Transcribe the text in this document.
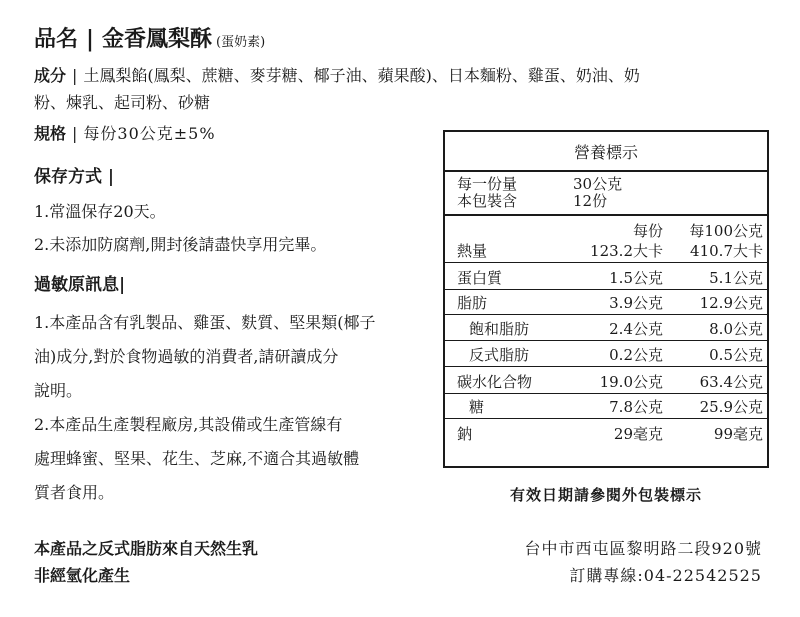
品名 | 金香鳳梨酥 (蛋奶素)
成分 | 土鳳梨餡(鳳梨、蔗糖、麥芽糖、椰子油、蘋果酸)、日本麵粉、雞蛋、奶油、奶
粉、煉乳、起司粉、砂糖
規格 | 每份30公克±5%
保存方式 |
1.常溫保存20天。
2.未添加防腐劑,開封後請盡快享用完畢。
過敏原訊息|
1.本產品含有乳製品、雞蛋、麩質、堅果類(椰子
油)成分,對於食物過敏的消費者,請研讀成分
說明。
2.本產品生產製程廠房,其設備或生產管線有
處理蜂蜜、堅果、花生、芝麻,不適合其過敏體
質者食用。
營養標示
每一份量	30公克
本包裝含	12份
每份 每100公克
熱量	123.2大卡 410.7大卡
蛋白質	1.5公克	5.1公克
脂肪	3.9公克 12.9公克
飽和脂肪	2.4公克	8.0公克
反式脂肪	0.2公克	0.5公克
碳水化合物	19.0公克 63.4公克
糖	7.8公克 25.9公克
鈉	29毫克	99毫克
有效日期請參閱外包裝標示
本產品之反式脂肪來自天然生乳
非經氫化產生
台中市西屯區黎明路二段920號
訂購專線:04-22542525
